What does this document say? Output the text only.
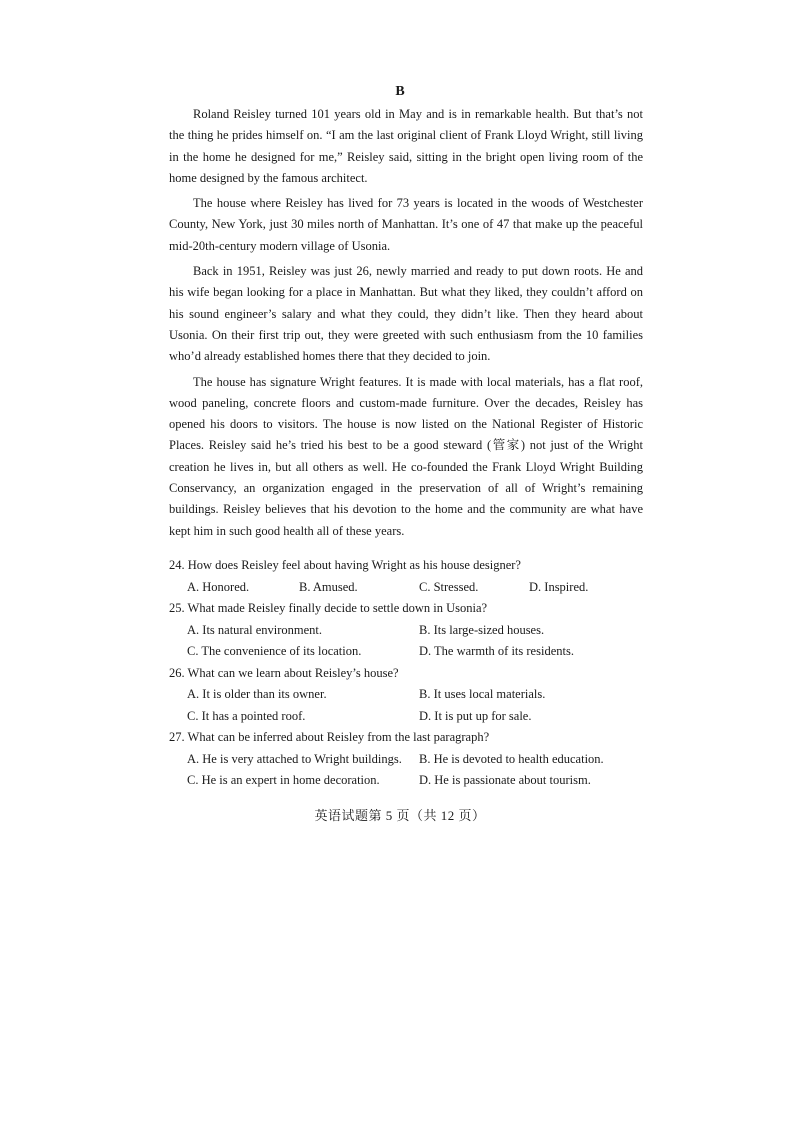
B

Roland Reisley turned 101 years old in May and is in remarkable health. But that’s not the thing he prides himself on. “I am the last original client of Frank Lloyd Wright, still living in the home he designed for me,” Reisley said, sitting in the bright open living room of the home designed by the famous architect.

The house where Reisley has lived for 73 years is located in the woods of Westchester County, New York, just 30 miles north of Manhattan. It’s one of 47 that make up the peaceful mid-20th-century modern village of Usonia.

Back in 1951, Reisley was just 26, newly married and ready to put down roots. He and his wife began looking for a place in Manhattan. But what they liked, they couldn’t afford on his sound engineer’s salary and what they could, they didn’t like. Then they heard about Usonia. On their first trip out, they were greeted with such enthusiasm from the 10 families who’d already established homes there that they decided to join.

The house has signature Wright features. It is made with local materials, has a flat roof, wood paneling, concrete floors and custom-made furniture. Over the decades, Reisley has opened his doors to visitors. The house is now listed on the National Register of Historic Places. Reisley said he’s tried his best to be a good steward (管家) not just of the Wright creation he lives in, but all others as well. He co-founded the Frank Lloyd Wright Building Conservancy, an organization engaged in the preservation of all of Wright’s remaining buildings. Reisley believes that his devotion to the home and the community are what have kept him in such good health all of these years.

24. How does Reisley feel about having Wright as his house designer?
A. Honored.	B. Amused.	C. Stressed.	D. Inspired.
25. What made Reisley finally decide to settle down in Usonia?
A. Its natural environment.	B. Its large-sized houses.
C. The convenience of its location.	D. The warmth of its residents.
26. What can we learn about Reisley’s house?
A. It is older than its owner.	B. It uses local materials.
C. It has a pointed roof.	D. It is put up for sale.
27. What can be inferred about Reisley from the last paragraph?
A. He is very attached to Wright buildings.	B. He is devoted to health education.
C. He is an expert in home decoration.	D. He is passionate about tourism.
英语试题第 5 页（共 12 页）
